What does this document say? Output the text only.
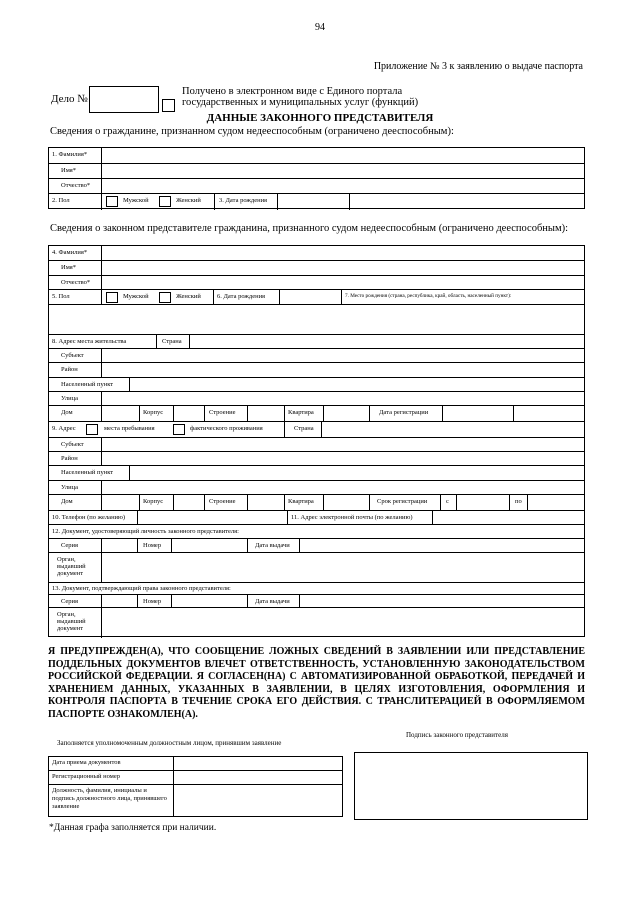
94
Приложение № 3 к заявлению о выдаче паспорта
Дело №
Получено в электронном виде с Единого портала
государственных и муниципальных услуг (функций)
ДАННЫЕ ЗАКОННОГО ПРЕДСТАВИТЕЛЯ
Сведения о гражданине, признанном судом недееспособным (ограничено дееспособным):
1. Фамилия*
Имя*
Отчество*
2. Пол	Мужской	Женский	3. Дата рождения
Сведения о законном представителе гражданина, признанного судом недееспособным (ограничено дееспособным):
4. Фамилия*
Имя*
Отчество*
5. Пол	Мужской	Женский 6. Дата рождения	7. Место рождения (страна, республика, край, область, населенный пункт):
8. Адрес места жительства	Страна
Субъект
Район
Населенный пункт
Улица
Дом	Корпус	Строение	Квартира	Дата регистрации
9. Адрес	места пребывания	фактического проживания	Страна
Субъект
Район
Населенный пункт
Улица
Дом	Корпус	Строение	Квартира	Срок регистрации	с	по
10. Телефон (по желанию)	11. Адрес электронной почты (по желанию)
12. Документ, удостоверяющий личность законного представителя:
Серия	Номер	Дата выдачи
Орган, выдавший документ
13. Документ, подтверждающий права законного представителя:
Серия	Номер	Дата выдачи
Орган, выдавший документ
Я ПРЕДУПРЕЖДЕН(А), ЧТО СООБЩЕНИЕ ЛОЖНЫХ СВЕДЕНИЙ В ЗАЯВЛЕНИИ ИЛИ ПРЕДСТАВЛЕНИЕ ПОДДЕЛЬНЫХ ДОКУМЕНТОВ ВЛЕЧЕТ ОТВЕТСТВЕННОСТЬ, УСТАНОВЛЕННУЮ ЗАКОНОДАТЕЛЬСТВОМ РОССИЙСКОЙ ФЕДЕРАЦИИ. Я СОГЛАСЕН(НА) С АВТОМАТИЗИРОВАННОЙ ОБРАБОТКОЙ, ПЕРЕДАЧЕЙ И ХРАНЕНИЕМ ДАННЫХ, УКАЗАННЫХ В ЗАЯВЛЕНИИ, В ЦЕЛЯХ ИЗГОТОВЛЕНИЯ, ОФОРМЛЕНИЯ И КОНТРОЛЯ ПАСПОРТА В ТЕЧЕНИЕ СРОКА ЕГО ДЕЙСТВИЯ. С ТРАНСЛИТЕРАЦИЕЙ В ОФОРМЛЯЕМОМ ПАСПОРТЕ ОЗНАКОМЛЕН(А).
Подпись законного представителя
Заполняется уполномоченным должностным лицом, принявшим заявление
Дата приема документов
Регистрационный номер
Должность, фамилия, инициалы и подпись должностного лица, принявшего заявление
*Данная графа заполняется при наличии.
